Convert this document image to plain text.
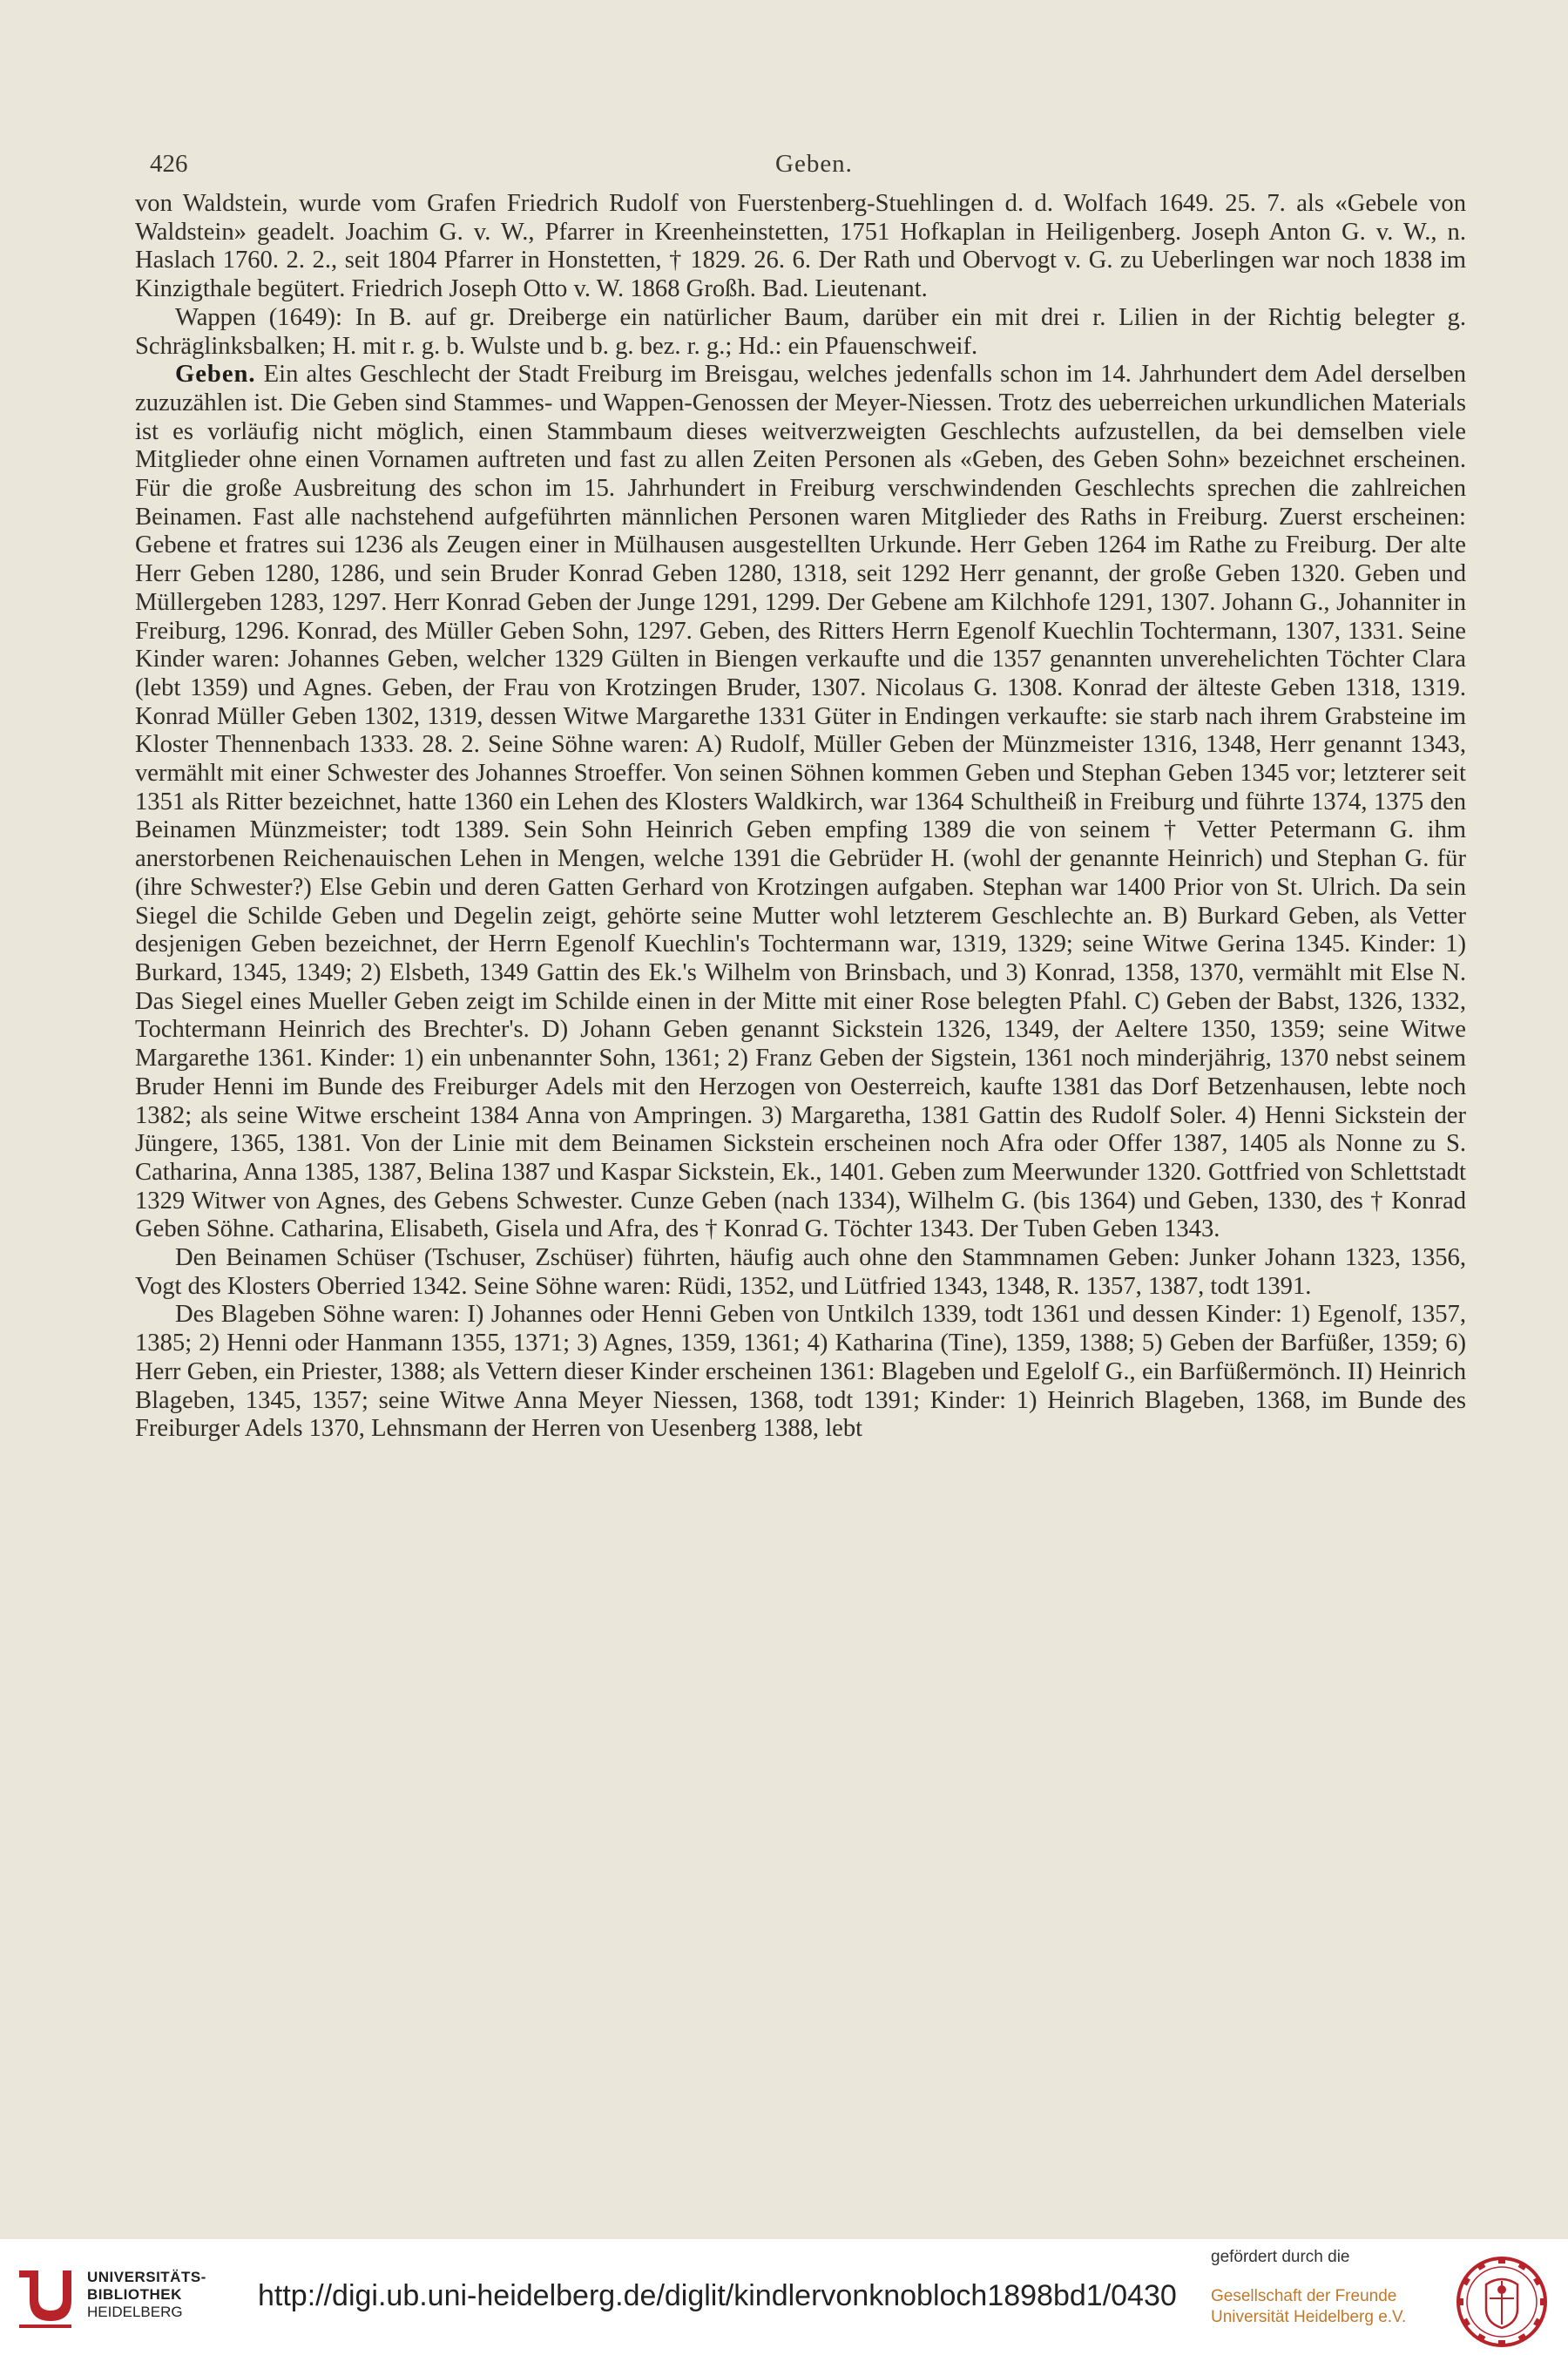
426	Geben.

von Waldstein, wurde vom Grafen Friedrich Rudolf von Fuerstenberg-Stuehlingen d. d. Wolfach 1649. 25. 7. als «Gebele von Waldstein» geadelt. Joachim G. v. W., Pfarrer in Kreenheinstetten, 1751 Hofkaplan in Heiligenberg. Joseph Anton G. v. W., n. Haslach 1760. 2. 2., seit 1804 Pfarrer in Honstetten, † 1829. 26. 6. Der Rath und Obervogt v. G. zu Ueberlingen war noch 1838 im Kinzigthale begütert. Friedrich Joseph Otto v. W. 1868 Großh. Bad. Lieutenant.

Wappen (1649): In B. auf gr. Dreiberge ein natürlicher Baum, darüber ein mit drei r. Lilien in der Richtig belegter g. Schräglinksbalken; H. mit r. g. b. Wulste und b. g. bez. r. g.; Hd.: ein Pfauenschweif.

Geben. Ein altes Geschlecht der Stadt Freiburg im Breisgau, welches jedenfalls schon im 14. Jahrhundert dem Adel derselben zuzuzählen ist. Die Geben sind Stammes- und Wappen-Genossen der Meyer-Niessen. Trotz des ueberreichen urkundlichen Materials ist es vorläufig nicht möglich, einen Stammbaum dieses weitverzweigten Geschlechts aufzustellen, da bei demselben viele Mitglieder ohne einen Vornamen auftreten und fast zu allen Zeiten Personen als «Geben, des Geben Sohn» bezeichnet erscheinen. Für die große Ausbreitung des schon im 15. Jahrhundert in Freiburg verschwindenden Geschlechts sprechen die zahlreichen Beinamen. Fast alle nachstehend aufgeführten männlichen Personen waren Mitglieder des Raths in Freiburg. Zuerst erscheinen: Gebene et fratres sui 1236 als Zeugen einer in Mülhausen ausgestellten Urkunde. Herr Geben 1264 im Rathe zu Freiburg. Der alte Herr Geben 1280, 1286, und sein Bruder Konrad Geben 1280, 1318, seit 1292 Herr genannt, der große Geben 1320. Geben und Müllergeben 1283, 1297. Herr Konrad Geben der Junge 1291, 1299. Der Gebene am Kilchhofe 1291, 1307. Johann G., Johanniter in Freiburg, 1296. Konrad, des Müller Geben Sohn, 1297. Geben, des Ritters Herrn Egenolf Kuechlin Tochtermann, 1307, 1331. Seine Kinder waren: Johannes Geben, welcher 1329 Gülten in Biengen verkaufte und die 1357 genannten unverehelichten Töchter Clara (lebt 1359) und Agnes. Geben, der Frau von Krotzingen Bruder, 1307. Nicolaus G. 1308. Konrad der älteste Geben 1318, 1319. Konrad Müller Geben 1302, 1319, dessen Witwe Margarethe 1331 Güter in Endingen verkaufte: sie starb nach ihrem Grabsteine im Kloster Thennenbach 1333. 28. 2. Seine Söhne waren: A) Rudolf, Müller Geben der Münzmeister 1316, 1348, Herr genannt 1343, vermählt mit einer Schwester des Johannes Stroeffer. Von seinen Söhnen kommen Geben und Stephan Geben 1345 vor; letzterer seit 1351 als Ritter bezeichnet, hatte 1360 ein Lehen des Klosters Waldkirch, war 1364 Schultheiß in Freiburg und führte 1374, 1375 den Beinamen Münzmeister; todt 1389. Sein Sohn Heinrich Geben empfing 1389 die von seinem † Vetter Petermann G. ihm anerstorbenen Reichenauischen Lehen in Mengen, welche 1391 die Gebrüder H. (wohl der genannte Heinrich) und Stephan G. für (ihre Schwester?) Else Gebin und deren Gatten Gerhard von Krotzingen aufgaben. Stephan war 1400 Prior von St. Ulrich. Da sein Siegel die Schilde Geben und Degelin zeigt, gehörte seine Mutter wohl letzterem Geschlechte an. B) Burkard Geben, als Vetter desjenigen Geben bezeichnet, der Herrn Egenolf Kuechlin's Tochtermann war, 1319, 1329; seine Witwe Gerina 1345. Kinder: 1) Burkard, 1345, 1349; 2) Elsbeth, 1349 Gattin des Ek.'s Wilhelm von Brinsbach, und 3) Konrad, 1358, 1370, vermählt mit Else N. Das Siegel eines Mueller Geben zeigt im Schilde einen in der Mitte mit einer Rose belegten Pfahl. C) Geben der Babst, 1326, 1332, Tochtermann Heinrich des Brechter's. D) Johann Geben genannt Sickstein 1326, 1349, der Aeltere 1350, 1359; seine Witwe Margarethe 1361. Kinder: 1) ein unbenannter Sohn, 1361; 2) Franz Geben der Sigstein, 1361 noch minderjährig, 1370 nebst seinem Bruder Henni im Bunde des Freiburger Adels mit den Herzogen von Oesterreich, kaufte 1381 das Dorf Betzenhausen, lebte noch 1382; als seine Witwe erscheint 1384 Anna von Ampringen. 3) Margaretha, 1381 Gattin des Rudolf Soler. 4) Henni Sickstein der Jüngere, 1365, 1381. Von der Linie mit dem Beinamen Sickstein erscheinen noch Afra oder Offer 1387, 1405 als Nonne zu S. Catharina, Anna 1385, 1387, Belina 1387 und Kaspar Sickstein, Ek., 1401. Geben zum Meerwunder 1320. Gottfried von Schlettstadt 1329 Witwer von Agnes, des Gebens Schwester. Cunze Geben (nach 1334), Wilhelm G. (bis 1364) und Geben, 1330, des † Konrad Geben Söhne. Catharina, Elisabeth, Gisela und Afra, des † Konrad G. Töchter 1343. Der Tuben Geben 1343.

Den Beinamen Schüser (Tschuser, Zschüser) führten, häufig auch ohne den Stammnamen Geben: Junker Johann 1323, 1356, Vogt des Klosters Oberried 1342. Seine Söhne waren: Rüdi, 1352, und Lütfried 1343, 1348, R. 1357, 1387, todt 1391.

Des Blageben Söhne waren: I) Johannes oder Henni Geben von Untkilch 1339, todt 1361 und dessen Kinder: 1) Egenolf, 1357, 1385; 2) Henni oder Hanmann 1355, 1371; 3) Agnes, 1359, 1361; 4) Katharina (Tine), 1359, 1388; 5) Geben der Barfüßer, 1359; 6) Herr Geben, ein Priester, 1388; als Vettern dieser Kinder erscheinen 1361: Blageben und Egelolf G., ein Barfüßermönch. II) Heinrich Blageben, 1345, 1357; seine Witwe Anna Meyer Niessen, 1368, todt 1391; Kinder: 1) Heinrich Blageben, 1368, im Bunde des Freiburger Adels 1370, Lehnsmann der Herren von Uesenberg 1388, lebt

UNIVERSITÄTS-
BIBLIOTHEK
HEIDELBERG	http://digi.ub.uni-heidelberg.de/diglit/kindlervonknobloch1898bd1/0430
gefördert durch die
Gesellschaft der Freunde
Universität Heidelberg e.V.
